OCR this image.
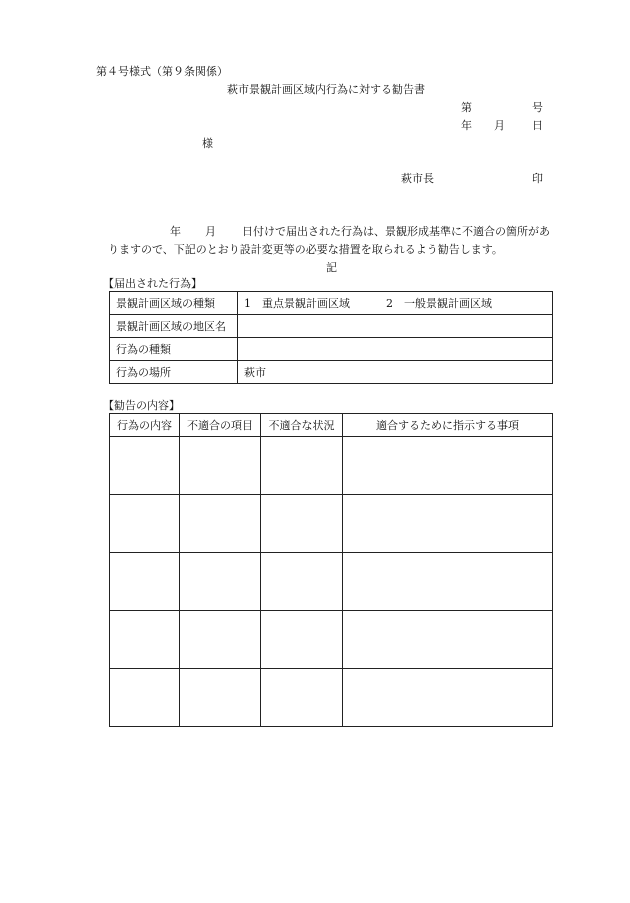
第４号様式（第９条関係）
萩市景観計画区域内行為に対する勧告書
第	号
年 月 日
様
萩市長	印
年 月 日付けで届出された行為は、景観形成基準に不適合の箇所があ
りますので、下記のとおり設計変更等の必要な措置を取られるよう勧告します。
記
【届出された行為】
景観計画区域の種類	1　重点景観計画区域 2　一般景観計画区域
景観計画区域の地区名	
行為の種類	
行為の場所	萩市
【勧告の内容】
行為の内容	不適合の項目	不適合な状況	適合するために指示する事項
